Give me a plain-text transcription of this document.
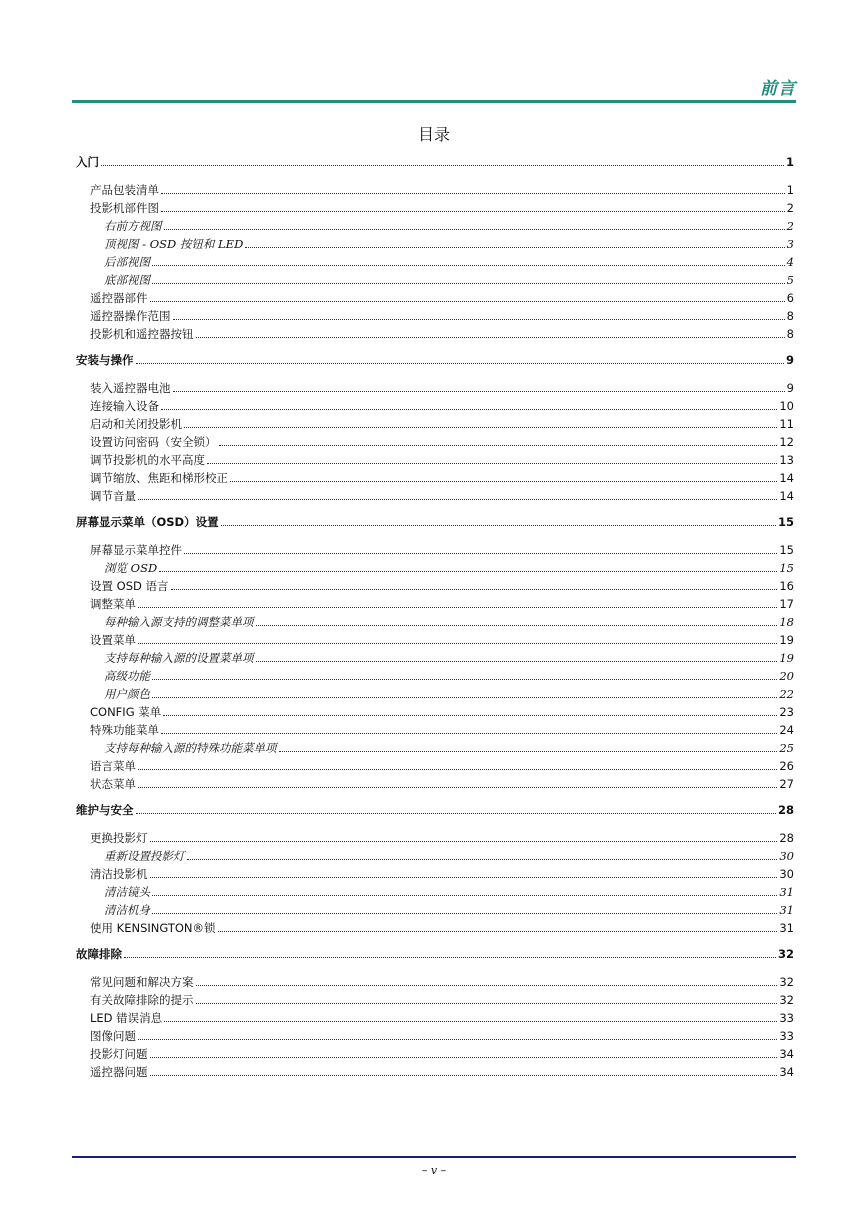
前言
目录
入门	1
产品包装清单	1
投影机部件图	2
右前方视图	2
顶视图 - OSD 按钮和 LED	3
后部视图	4
底部视图	5
遥控器部件	6
遥控器操作范围	8
投影机和遥控器按钮	8
安装与操作	9
装入遥控器电池	9
连接输入设备	10
启动和关闭投影机	11
设置访问密码（安全锁）	12
调节投影机的水平高度	13
调节缩放、焦距和梯形校正	14
调节音量	14
屏幕显示菜单（OSD）设置	15
屏幕显示菜单控件	15
浏览 OSD	15
设置 OSD 语言	16
调整菜单	17
每种输入源支持的调整菜单项	18
设置菜单	19
支持每种输入源的设置菜单项	19
高级功能	20
用户颜色	22
CONFIG 菜单	23
特殊功能菜单	24
支持每种输入源的特殊功能菜单项	25
语言菜单	26
状态菜单	27
维护与安全	28
更换投影灯	28
重新设置投影灯	30
清洁投影机	30
清洁镜头	31
清洁机身	31
使用 KENSINGTON®锁	31
故障排除	32
常见问题和解决方案	32
有关故障排除的提示	32
LED 错误消息	33
图像问题	33
投影灯问题	34
遥控器问题	34
– v –
